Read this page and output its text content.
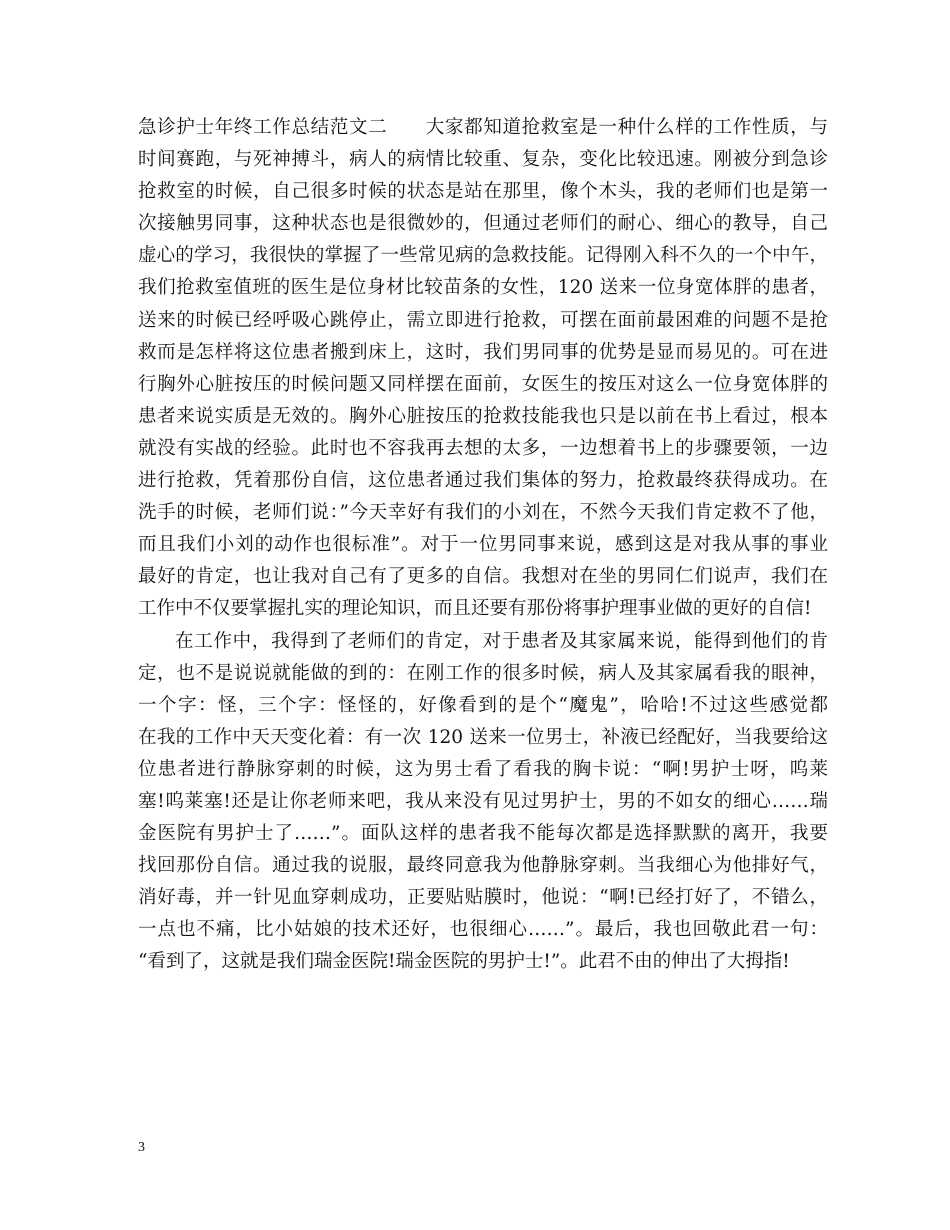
急诊护士年终工作总结范文二　　大家都知道抢救室是一种什么样的工作性质，与
时间赛跑，与死神搏斗，病人的病情比较重、复杂，变化比较迅速。刚被分到急诊
抢救室的时候，自己很多时候的状态是站在那里，像个木头，我的老师们也是第一
次接触男同事，这种状态也是很微妙的，但通过老师们的耐心、细心的教导，自己
虚心的学习，我很快的掌握了一些常见病的急救技能。记得刚入科不久的一个中午，
我们抢救室值班的医生是位身材比较苗条的女性，120 送来一位身宽体胖的患者，
送来的时候已经呼吸心跳停止，需立即进行抢救，可摆在面前最困难的问题不是抢
救而是怎样将这位患者搬到床上，这时，我们男同事的优势是显而易见的。可在进
行胸外心脏按压的时候问题又同样摆在面前，女医生的按压对这么一位身宽体胖的
患者来说实质是无效的。胸外心脏按压的抢救技能我也只是以前在书上看过，根本
就没有实战的经验。此时也不容我再去想的太多，一边想着书上的步骤要领，一边
进行抢救，凭着那份自信，这位患者通过我们集体的努力，抢救最终获得成功。在
洗手的时候，老师们说：”今天幸好有我们的小刘在，不然今天我们肯定救不了他，
而且我们小刘的动作也很标准”。对于一位男同事来说，感到这是对我从事的事业
最好的肯定，也让我对自己有了更多的自信。我想对在坐的男同仁们说声，我们在
工作中不仅要掌握扎实的理论知识，而且还要有那份将事护理事业做的更好的自信!
在工作中，我得到了老师们的肯定，对于患者及其家属来说，能得到他们的肯
定，也不是说说就能做的到的：在刚工作的很多时候，病人及其家属看我的眼神，
一个字：怪，三个字：怪怪的，好像看到的是个“魔鬼”，哈哈!不过这些感觉都
在我的工作中天天变化着：有一次 120 送来一位男士，补液已经配好，当我要给这
位患者进行静脉穿刺的时候，这为男士看了看我的胸卡说：“啊!男护士呀，呜莱
塞!呜莱塞!还是让你老师来吧，我从来没有见过男护士，男的不如女的细心……瑞
金医院有男护士了……”。面队这样的患者我不能每次都是选择默默的离开，我要
找回那份自信。通过我的说服，最终同意我为他静脉穿刺。当我细心为他排好气，
消好毒，并一针见血穿刺成功，正要贴贴膜时，他说：“啊!已经打好了，不错么，
一点也不痛，比小姑娘的技术还好，也很细心……”。最后，我也回敬此君一句：
“看到了，这就是我们瑞金医院!瑞金医院的男护士!”。此君不由的伸出了大拇指!
3
